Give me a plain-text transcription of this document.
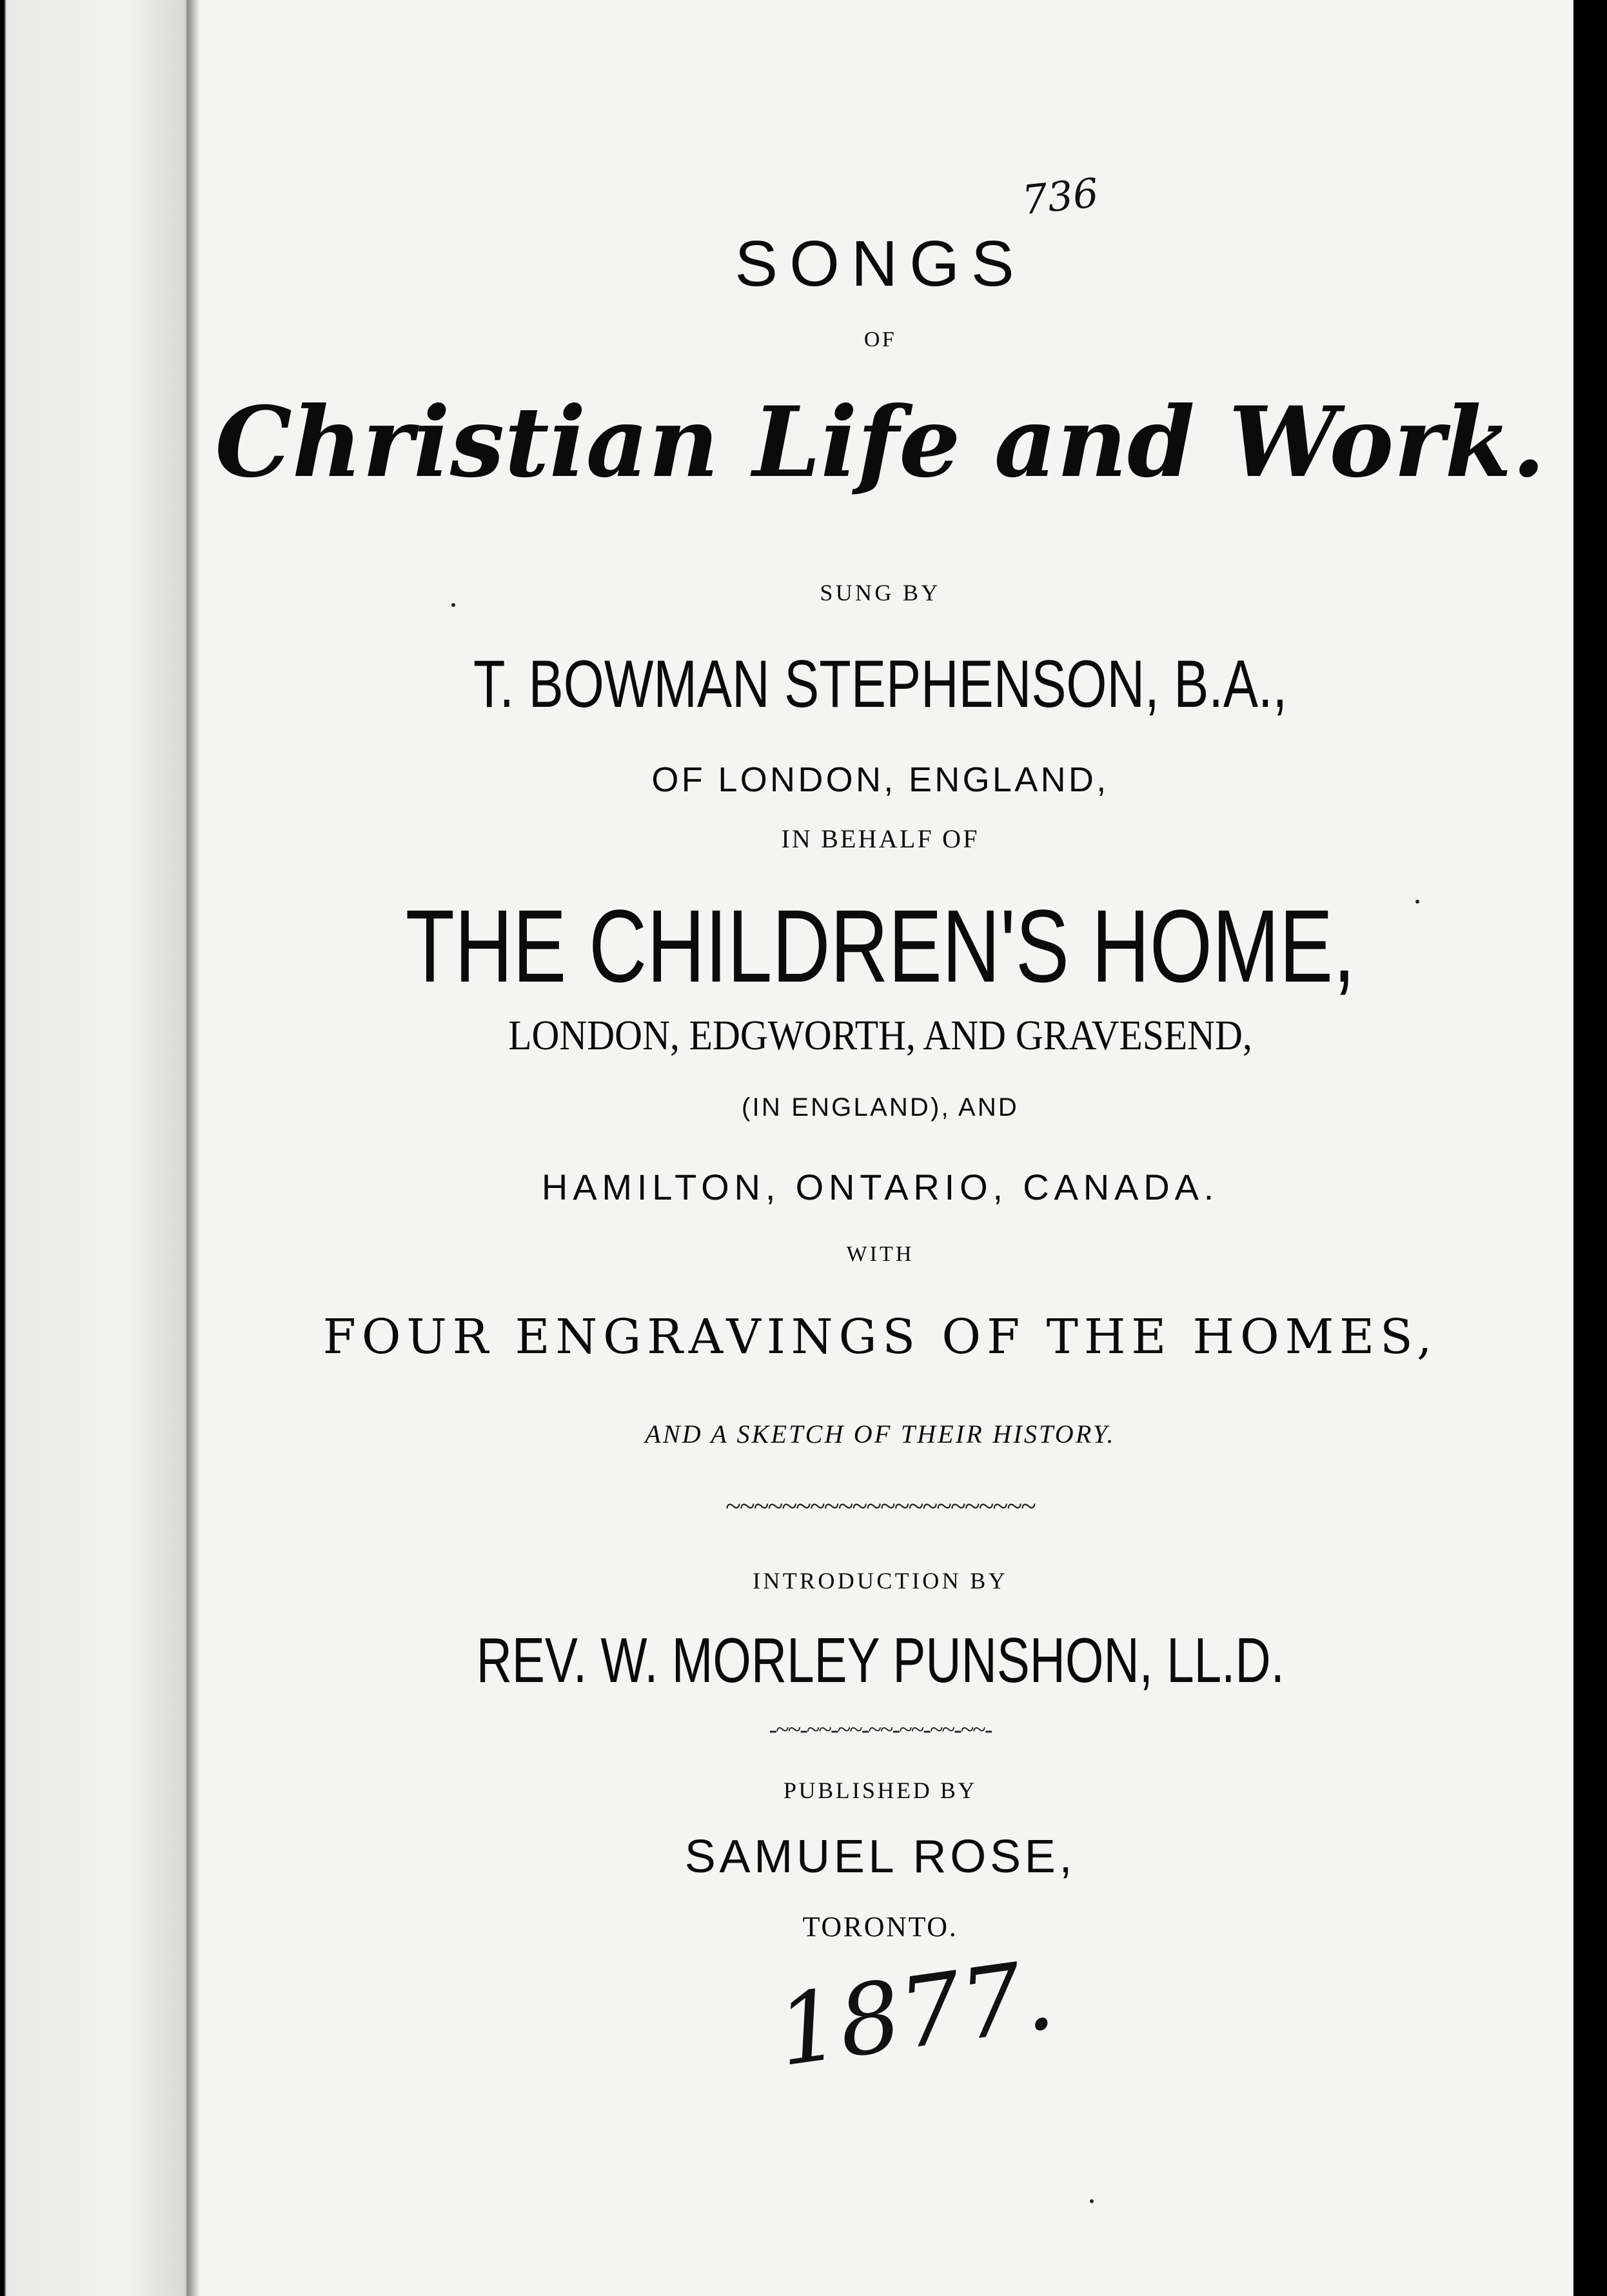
736
SONGS
OF
Christian Life and Work.
SUNG BY
T. BOWMAN STEPHENSON, B.A.,
OF LONDON, ENGLAND,
IN BEHALF OF
THE CHILDREN'S HOME,
LONDON, EDGWORTH, AND GRAVESEND,
(IN ENGLAND), AND
HAMILTON, ONTARIO, CANADA.
WITH
FOUR ENGRAVINGS OF THE HOMES,
AND A SKETCH OF THEIR HISTORY.
~~~~~~~~~~~~~~~~~~~~~~
INTRODUCTION BY
REV. W. MORLEY PUNSHON, LL.D.
-~~-~~-~~-~~-~~-~~-~~-
PUBLISHED BY
SAMUEL ROSE,
TORONTO.
1877.
